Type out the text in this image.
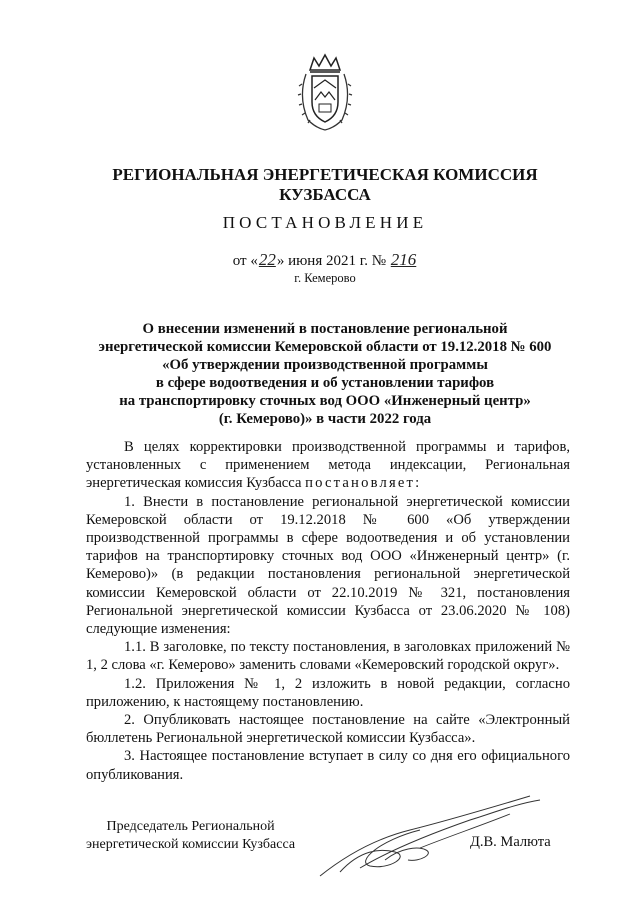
РЕГИОНАЛЬНАЯ ЭНЕРГЕТИЧЕСКАЯ КОМИССИЯ
КУЗБАССА
ПОСТАНОВЛЕНИЕ
от «22» июня 2021 г. № 216
г. Кемерово
О внесении изменений в постановление региональной
энергетической комиссии Кемеровской области от 19.12.2018 № 600
«Об утверждении производственной программы
в сфере водоотведения и об установлении тарифов
на транспортировку сточных вод ООО «Инженерный центр»
(г. Кемерово)» в части 2022 года

В целях корректировки производственной программы и тарифов, установленных с применением метода индексации, Региональная энергетическая комиссия Кузбасса постановляет:

1. Внести в постановление региональной энергетической комиссии Кемеровской области от 19.12.2018 № 600 «Об утверждении производственной программы в сфере водоотведения и об установлении тарифов на транспортировку сточных вод ООО «Инженерный центр» (г. Кемерово)» (в редакции постановления региональной энергетической комиссии Кемеровской области от 22.10.2019 № 321, постановления Региональной энергетической комиссии Кузбасса от 23.06.2020 № 108) следующие изменения:

1.1. В заголовке, по тексту постановления, в заголовках приложений № 1, 2 слова «г. Кемерово» заменить словами «Кемеровский городской округ».

1.2. Приложения № 1, 2 изложить в новой редакции, согласно приложению, к настоящему постановлению.

2. Опубликовать настоящее постановление на сайте «Электронный бюллетень Региональной энергетической комиссии Кузбасса».

3. Настоящее постановление вступает в силу со дня его официального опубликования.

Председатель Региональной
энергетической комиссии Кузбасса	Д.В. Малюта
